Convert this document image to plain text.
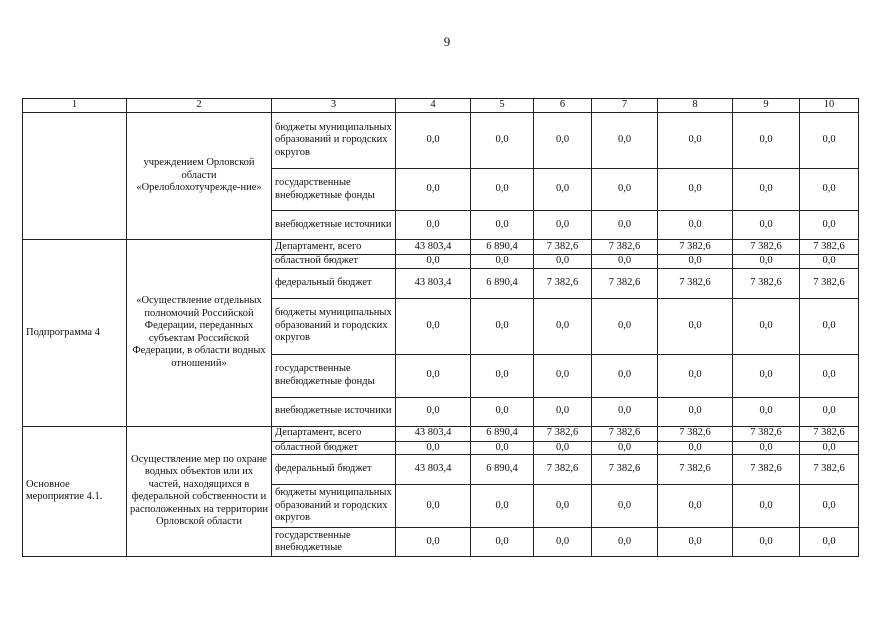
9
1	2	3	4	5	6	7	8	9	10
	учреждением Орловской области «Орелоблохотучрежде-ние»	бюджеты муниципальных образований и городских округов	0,0	0,0	0,0	0,0	0,0	0,0	0,0
		государственные внебюджетные фонды	0,0	0,0	0,0	0,0	0,0	0,0	0,0
		внебюджетные источники	0,0	0,0	0,0	0,0	0,0	0,0	0,0
Подпрограмма 4	«Осуществление отдельных полномочий Российской Федерации, переданных субъектам Российской Федерации, в области водных отношений»	Департамент, всего	43 803,4	6 890,4	7 382,6	7 382,6	7 382,6	7 382,6	7 382,6
		областной бюджет	0,0	0,0	0,0	0,0	0,0	0,0	0,0
		федеральный бюджет	43 803,4	6 890,4	7 382,6	7 382,6	7 382,6	7 382,6	7 382,6
		бюджеты муниципальных образований и городских округов	0,0	0,0	0,0	0,0	0,0	0,0	0,0
		государственные внебюджетные фонды	0,0	0,0	0,0	0,0	0,0	0,0	0,0
		внебюджетные источники	0,0	0,0	0,0	0,0	0,0	0,0	0,0
Основное мероприятие 4.1.	Осуществление мер по охране водных объектов или их частей, находящихся в федеральной собственности и расположенных на территории Орловской области	Департамент, всего	43 803,4	6 890,4	7 382,6	7 382,6	7 382,6	7 382,6	7 382,6
		областной бюджет	0,0	0,0	0,0	0,0	0,0	0,0	0,0
		федеральный бюджет	43 803,4	6 890,4	7 382,6	7 382,6	7 382,6	7 382,6	7 382,6
		бюджеты муниципальных образований и городских округов	0,0	0,0	0,0	0,0	0,0	0,0	0,0
		государственные внебюджетные	0,0	0,0	0,0	0,0	0,0	0,0	0,0
